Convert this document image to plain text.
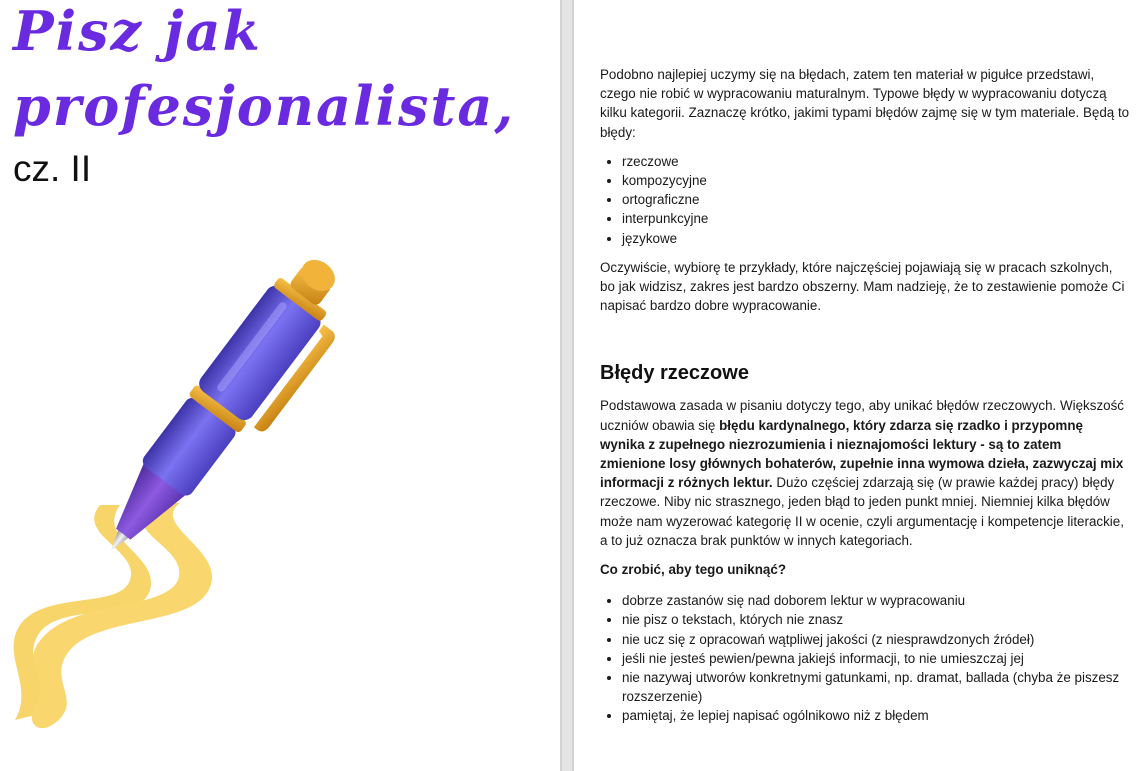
Pisz jak
profesjonalista,
cz. II

Podobno najlepiej uczymy się na błędach, zatem ten materiał w pigułce przedstawi, czego nie robić w wypracowaniu maturalnym. Typowe błędy w wypracowaniu dotyczą kilku kategorii. Zaznaczę krótko, jakimi typami błędów zajmę się w tym materiale. Będą to błędy:

• rzeczowe
• kompozycyjne
• ortograficzne
• interpunkcyjne
• językowe

Oczywiście, wybiorę te przykłady, które najczęściej pojawiają się w pracach szkolnych, bo jak widzisz, zakres jest bardzo obszerny. Mam nadzieję, że to zestawienie pomoże Ci napisać bardzo dobre wypracowanie.

Błędy rzeczowe

Podstawowa zasada w pisaniu dotyczy tego, aby unikać błędów rzeczowych. Większość uczniów obawia się błędu kardynalnego, który zdarza się rzadko i przypomnę wynika z zupełnego niezrozumienia i nieznajomości lektury - są to zatem zmienione losy głównych bohaterów, zupełnie inna wymowa dzieła, zazwyczaj mix informacji z różnych lektur. Dużo częściej zdarzają się (w prawie każdej pracy) błędy rzeczowe. Niby nic strasznego, jeden błąd to jeden punkt mniej. Niemniej kilka błędów może nam wyzerować kategorię II w ocenie, czyli argumentację i kompetencje literackie, a to już oznacza brak punktów w innych kategoriach.

Co zrobić, aby tego uniknąć?

• dobrze zastanów się nad doborem lektur w wypracowaniu
• nie pisz o tekstach, których nie znasz
• nie ucz się z opracowań wątpliwej jakości (z niesprawdzonych źródeł)
• jeśli nie jesteś pewien/pewna jakiejś informacji, to nie umieszczaj jej
• nie nazywaj utworów konkretnymi gatunkami, np. dramat, ballada (chyba że piszesz rozszerzenie)
• pamiętaj, że lepiej napisać ogólnikowo niż z błędem
